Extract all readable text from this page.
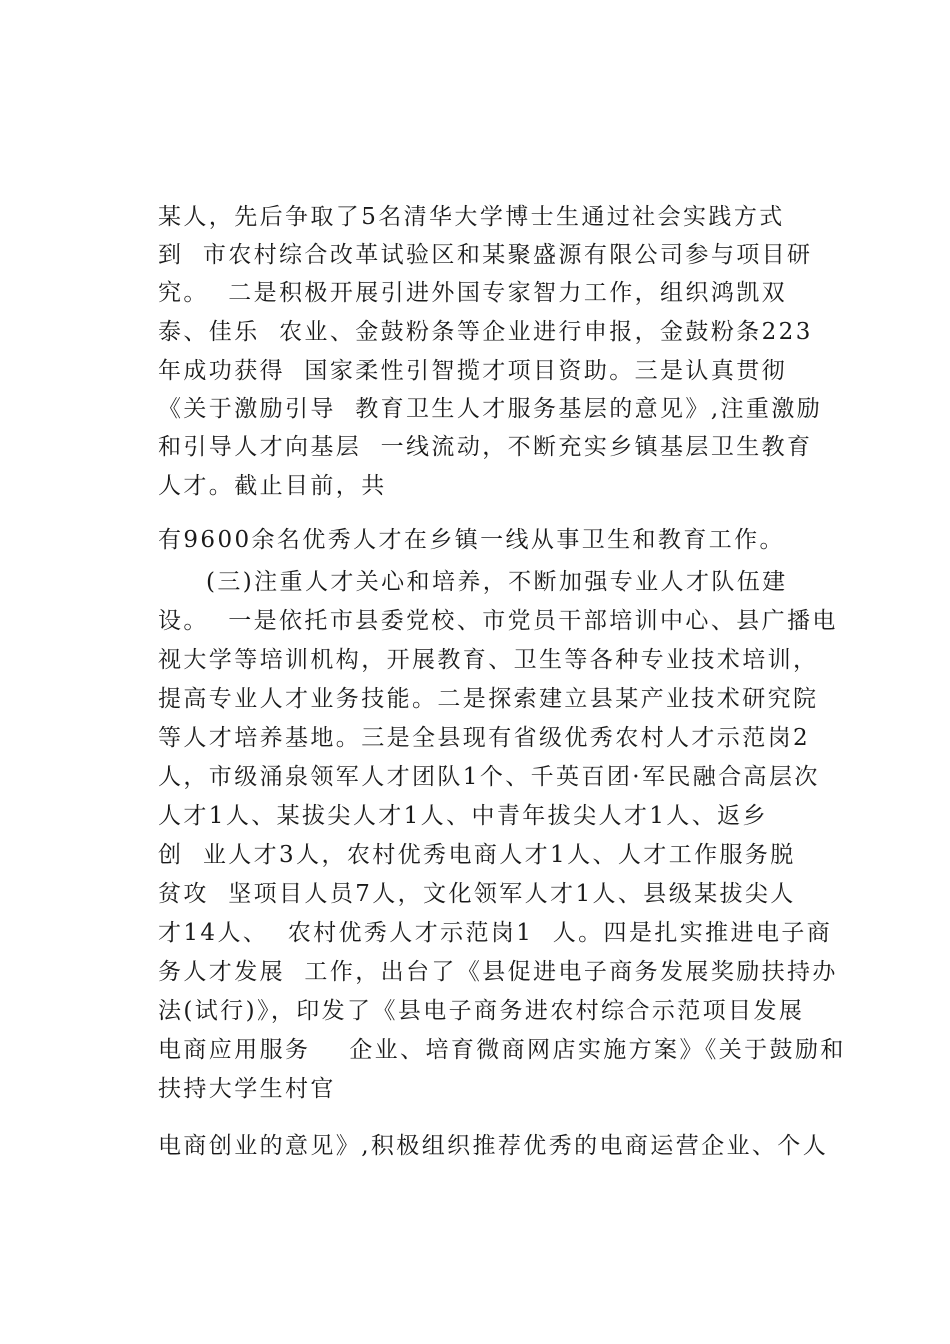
某人，先后争取了5名清华大学博士生通过社会实践方式
到  市农村综合改革试验区和某聚盛源有限公司参与项目研
究。  二是积极开展引进外国专家智力工作，组织鸿凯双
泰、佳乐  农业、金鼓粉条等企业进行申报，金鼓粉条223
年成功获得  国家柔性引智揽才项目资助。三是认真贯彻
《关于激励引导  教育卫生人才服务基层的意见》,注重激励
和引导人才向基层  一线流动，不断充实乡镇基层卫生教育
人才。截止目前，共
有9600余名优秀人才在乡镇一线从事卫生和教育工作。
(三)注重人才关心和培养，不断加强专业人才队伍建
设。  一是依托市县委党校、市党员干部培训中心、县广播电
视大学等培训机构，开展教育、卫生等各种专业技术培训，
提高专业人才业务技能。二是探索建立县某产业技术研究院
等人才培养基地。三是全县现有省级优秀农村人才示范岗2
人，市级涌泉领军人才团队1个、千英百团·军民融合高层次
人才1人、某拔尖人才1人、中青年拔尖人才1人、返乡
创  业人才3人，农村优秀电商人才1人、人才工作服务脱
贫攻  坚项目人员7人，文化领军人才1人、县级某拔尖人
才14人、  农村优秀人才示范岗1  人。四是扎实推进电子商
务人才发展  工作，出台了《县促进电子商务发展奖励扶持办
法(试行)》，印发了《县电子商务进农村综合示范项目发展
电商应用服务    企业、培育微商网店实施方案》《关于鼓励和
扶持大学生村官
电商创业的意见》,积极组织推荐优秀的电商运营企业、个人
